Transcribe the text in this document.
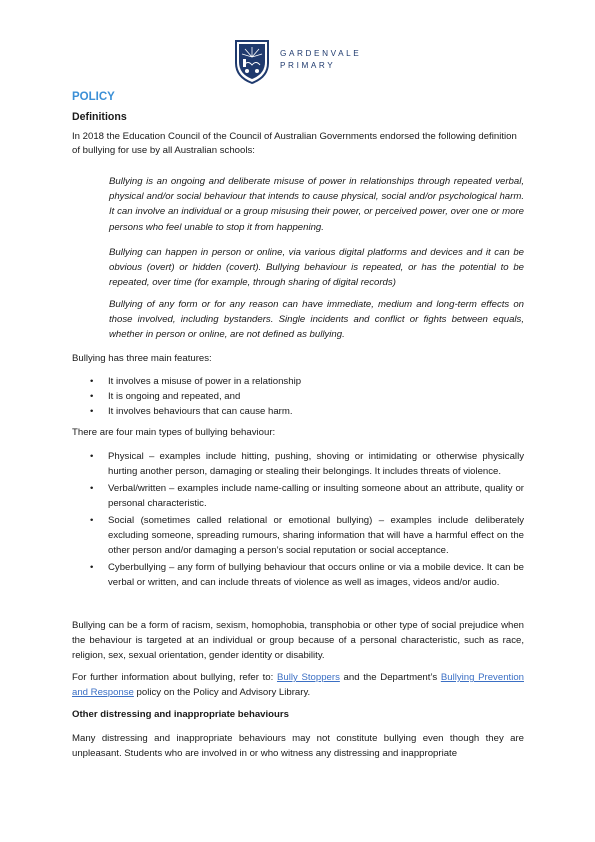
GARDENVALE
PRIMARY
POLICY
Definitions
In 2018 the Education Council of the Council of Australian Governments endorsed the following definition of bullying for use by all Australian schools:
Bullying is an ongoing and deliberate misuse of power in relationships through repeated verbal, physical and/or social behaviour that intends to cause physical, social and/or psychological harm. It can involve an individual or a group misusing their power, or perceived power, over one or more persons who feel unable to stop it from happening.
Bullying can happen in person or online, via various digital platforms and devices and it can be obvious (overt) or hidden (covert). Bullying behaviour is repeated, or has the potential to be repeated, over time (for example, through sharing of digital records)
Bullying of any form or for any reason can have immediate, medium and long-term effects on those involved, including bystanders. Single incidents and conflict or fights between equals, whether in person or online, are not defined as bullying.
Bullying has three main features:
• It involves a misuse of power in a relationship
• It is ongoing and repeated, and
• It involves behaviours that can cause harm.
There are four main types of bullying behaviour:
• Physical – examples include hitting, pushing, shoving or intimidating or otherwise physically hurting another person, damaging or stealing their belongings. It includes threats of violence.
• Verbal/written – examples include name-calling or insulting someone about an attribute, quality or personal characteristic.
• Social (sometimes called relational or emotional bullying) – examples include deliberately excluding someone, spreading rumours, sharing information that will have a harmful effect on the other person and/or damaging a person’s social reputation or social acceptance.
• Cyberbullying – any form of bullying behaviour that occurs online or via a mobile device. It can be verbal or written, and can include threats of violence as well as images, videos and/or audio.
Bullying can be a form of racism, sexism, homophobia, transphobia or other type of social prejudice when the behaviour is targeted at an individual or group because of a personal characteristic, such as race, religion, sex, sexual orientation, gender identity or disability.
For further information about bullying, refer to: Bully Stoppers and the Department’s Bullying Prevention and Response policy on the Policy and Advisory Library.
Other distressing and inappropriate behaviours
Many distressing and inappropriate behaviours may not constitute bullying even though they are unpleasant. Students who are involved in or who witness any distressing and inappropriate
